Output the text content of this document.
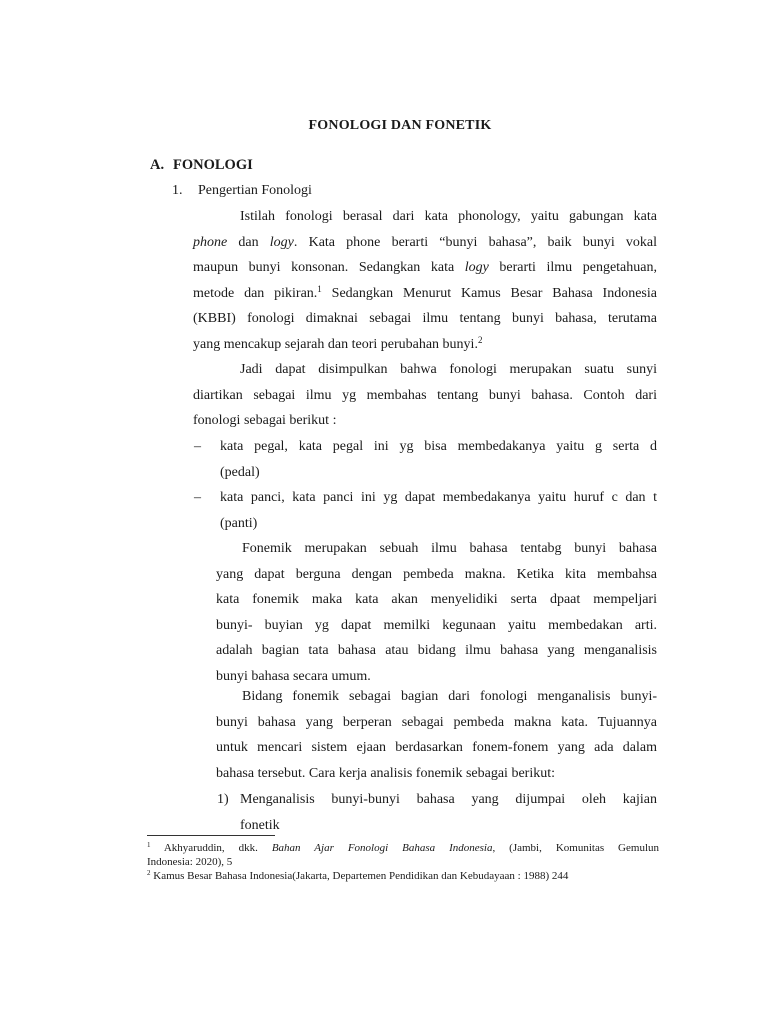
FONOLOGI DAN FONETIK
A. FONOLOGI
1. Pengertian Fonologi
Istilah fonologi berasal dari kata phonology, yaitu gabungan kata
phone dan logy. Kata phone berarti “bunyi bahasa”, baik bunyi vokal
maupun bunyi konsonan. Sedangkan kata logy berarti ilmu pengetahuan,
metode dan pikiran.$^1$ Sedangkan Menurut Kamus Besar Bahasa Indonesia
(KBBI) fonologi dimaknai sebagai ilmu tentang bunyi bahasa, terutama
yang mencakup sejarah dan teori perubahan bunyi.$^2$
Jadi dapat disimpulkan bahwa fonologi merupakan suatu sunyi
diartikan sebagai ilmu yg membahas tentang bunyi bahasa. Contoh dari
fonologi sebagai berikut :
– kata pegal, kata pegal ini yg bisa membedakanya yaitu g serta d
(pedal)
– kata panci, kata panci ini yg dapat membedakanya yaitu huruf c dan t
(panti)
Fonemik merupakan sebuah ilmu bahasa tentabg bunyi bahasa
yang dapat berguna dengan pembeda makna. Ketika kita membahsa
kata fonemik maka kata akan menyelidiki serta dpaat mempeljari
bunyi- buyian yg dapat memilki kegunaan yaitu membedakan arti.
adalah bagian tata bahasa atau bidang ilmu bahasa yang menganalisis
bunyi bahasa secara umum.
Bidang fonemik sebagai bagian dari fonologi menganalisis bunyi-
bunyi bahasa yang berperan sebagai pembeda makna kata. Tujuannya
untuk mencari sistem ejaan berdasarkan fonem-fonem yang ada dalam
bahasa tersebut. Cara kerja analisis fonemik sebagai berikut:
1) Menganalisis bunyi-bunyi bahasa yang dijumpai oleh kajian
fonetik
$^1$ Akhyaruddin, dkk. Bahan Ajar Fonologi Bahasa Indonesia, (Jambi, Komunitas Gemulun
Indonesia: 2020), 5
$^2$ Kamus Besar Bahasa Indonesia(Jakarta, Departemen Pendidikan dan Kebudayaan : 1988) 244
